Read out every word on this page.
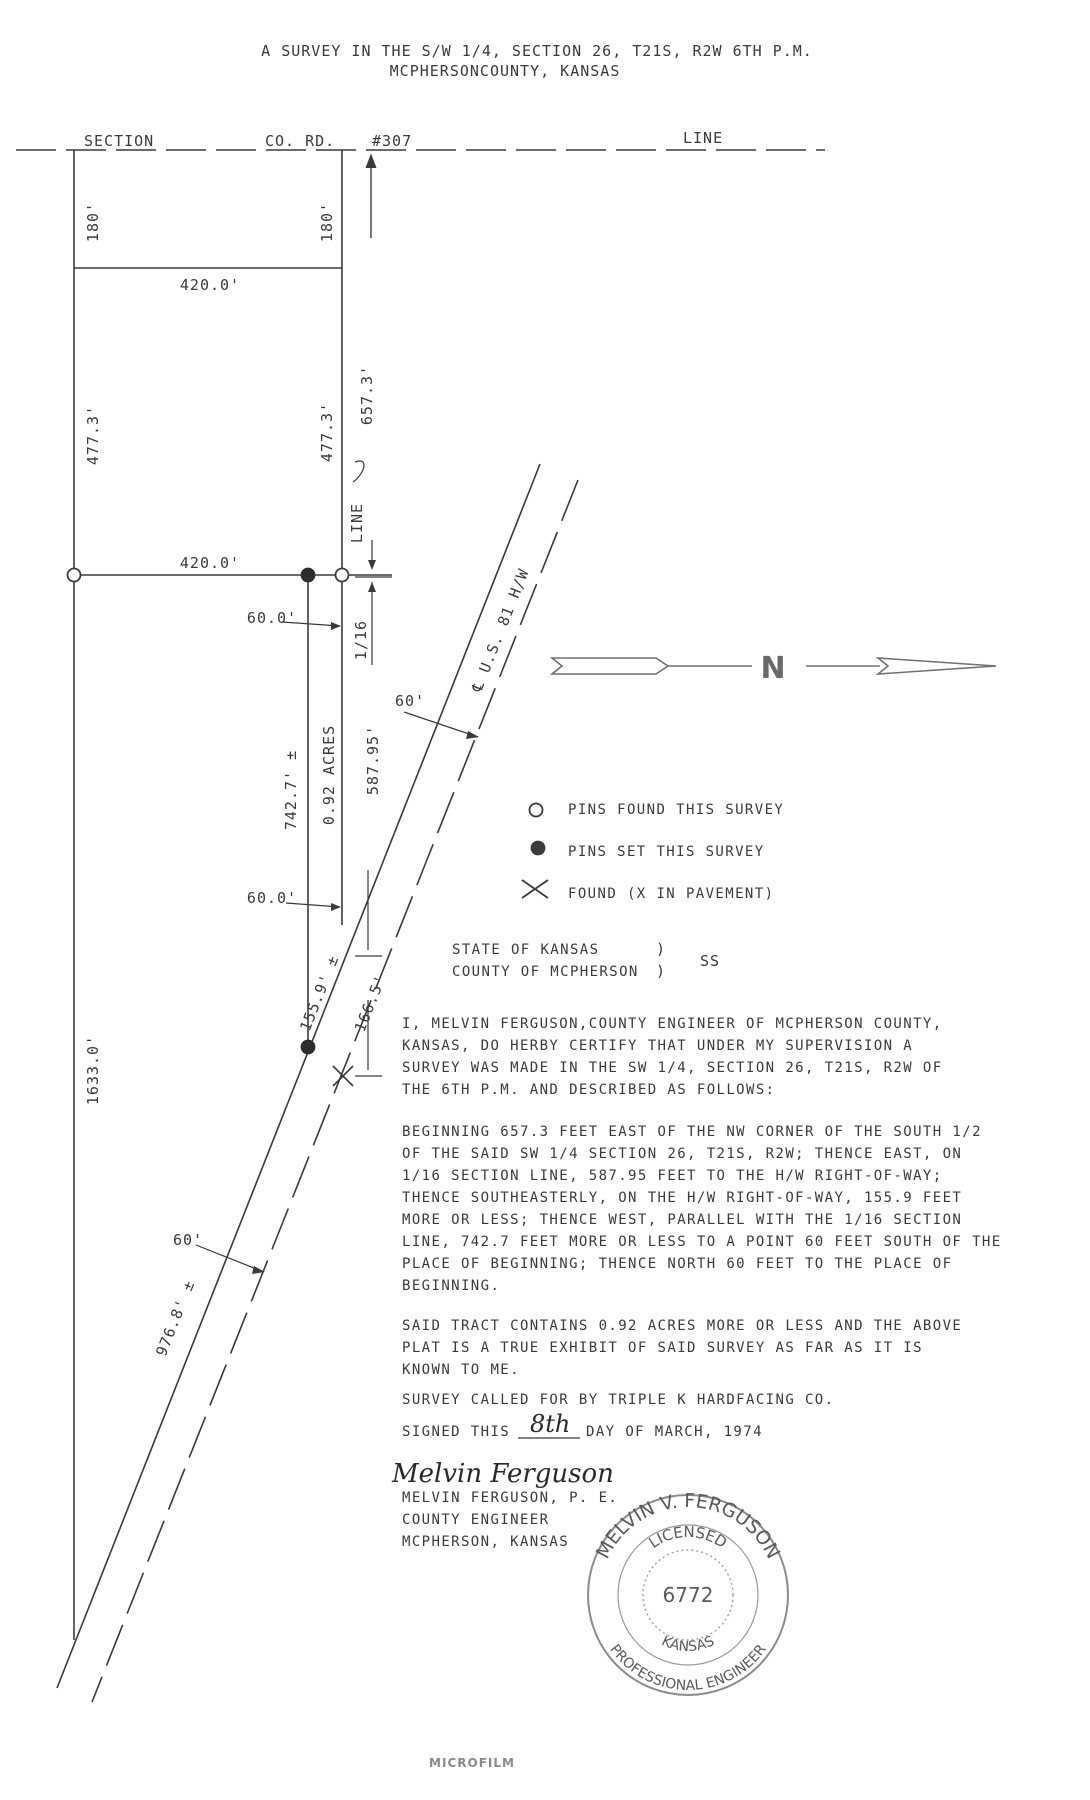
A SURVEY IN THE S/W 1/4, SECTION 26, T21S, R2W 6TH P.M.
MCPHERSONCOUNTY, KANSAS
SECTION	CO. RD. #307	LINE
180'	180'
420.0'
420.0'
477.3'	477.3'
657.3'
LINE
1/16
60.0'
60.0'
742.7' ± 0.92 ACRES 587.95'
60'
℄ U.S. 81 H/W
155.9' ± 166.5'
1633.0'
60'
976.8' ±
N
PINS FOUND THIS SURVEY
PINS SET THIS SURVEY
FOUND (X IN PAVEMENT)
STATE OF KANSAS
COUNTY OF MCPHERSON
)
)
SS
I, MELVIN FERGUSON,COUNTY ENGINEER OF MCPHERSON COUNTY,
KANSAS, DO HERBY CERTIFY THAT UNDER MY SUPERVISION A
SURVEY WAS MADE IN THE SW 1/4, SECTION 26, T21S, R2W OF
THE 6TH P.M. AND DESCRIBED AS FOLLOWS:
BEGINNING 657.3 FEET EAST OF THE NW CORNER OF THE SOUTH 1/2
OF THE SAID SW 1/4 SECTION 26, T21S, R2W; THENCE EAST, ON
1/16 SECTION LINE, 587.95 FEET TO THE H/W RIGHT-OF-WAY;
THENCE SOUTHEASTERLY, ON THE H/W RIGHT-OF-WAY, 155.9 FEET
MORE OR LESS; THENCE WEST, PARALLEL WITH THE 1/16 SECTION
LINE, 742.7 FEET MORE OR LESS TO A POINT 60 FEET SOUTH OF THE
PLACE OF BEGINNING; THENCE NORTH 60 FEET TO THE PLACE OF
BEGINNING.
SAID TRACT CONTAINS 0.92 ACRES MORE OR LESS AND THE ABOVE
PLAT IS A TRUE EXHIBIT OF SAID SURVEY AS FAR AS IT IS
KNOWN TO ME.
SURVEY CALLED FOR BY TRIPLE K HARDFACING CO.
SIGNED THIS 8th DAY OF MARCH, 1974
Melvin Ferguson
MELVIN FERGUSON, P. E.
COUNTY ENGINEER
MCPHERSON, KANSAS MELVIN V. FERGUSON
PROFESSIONAL ENGINEER
LICENSED
6772
KANSAS
MICROFILM
